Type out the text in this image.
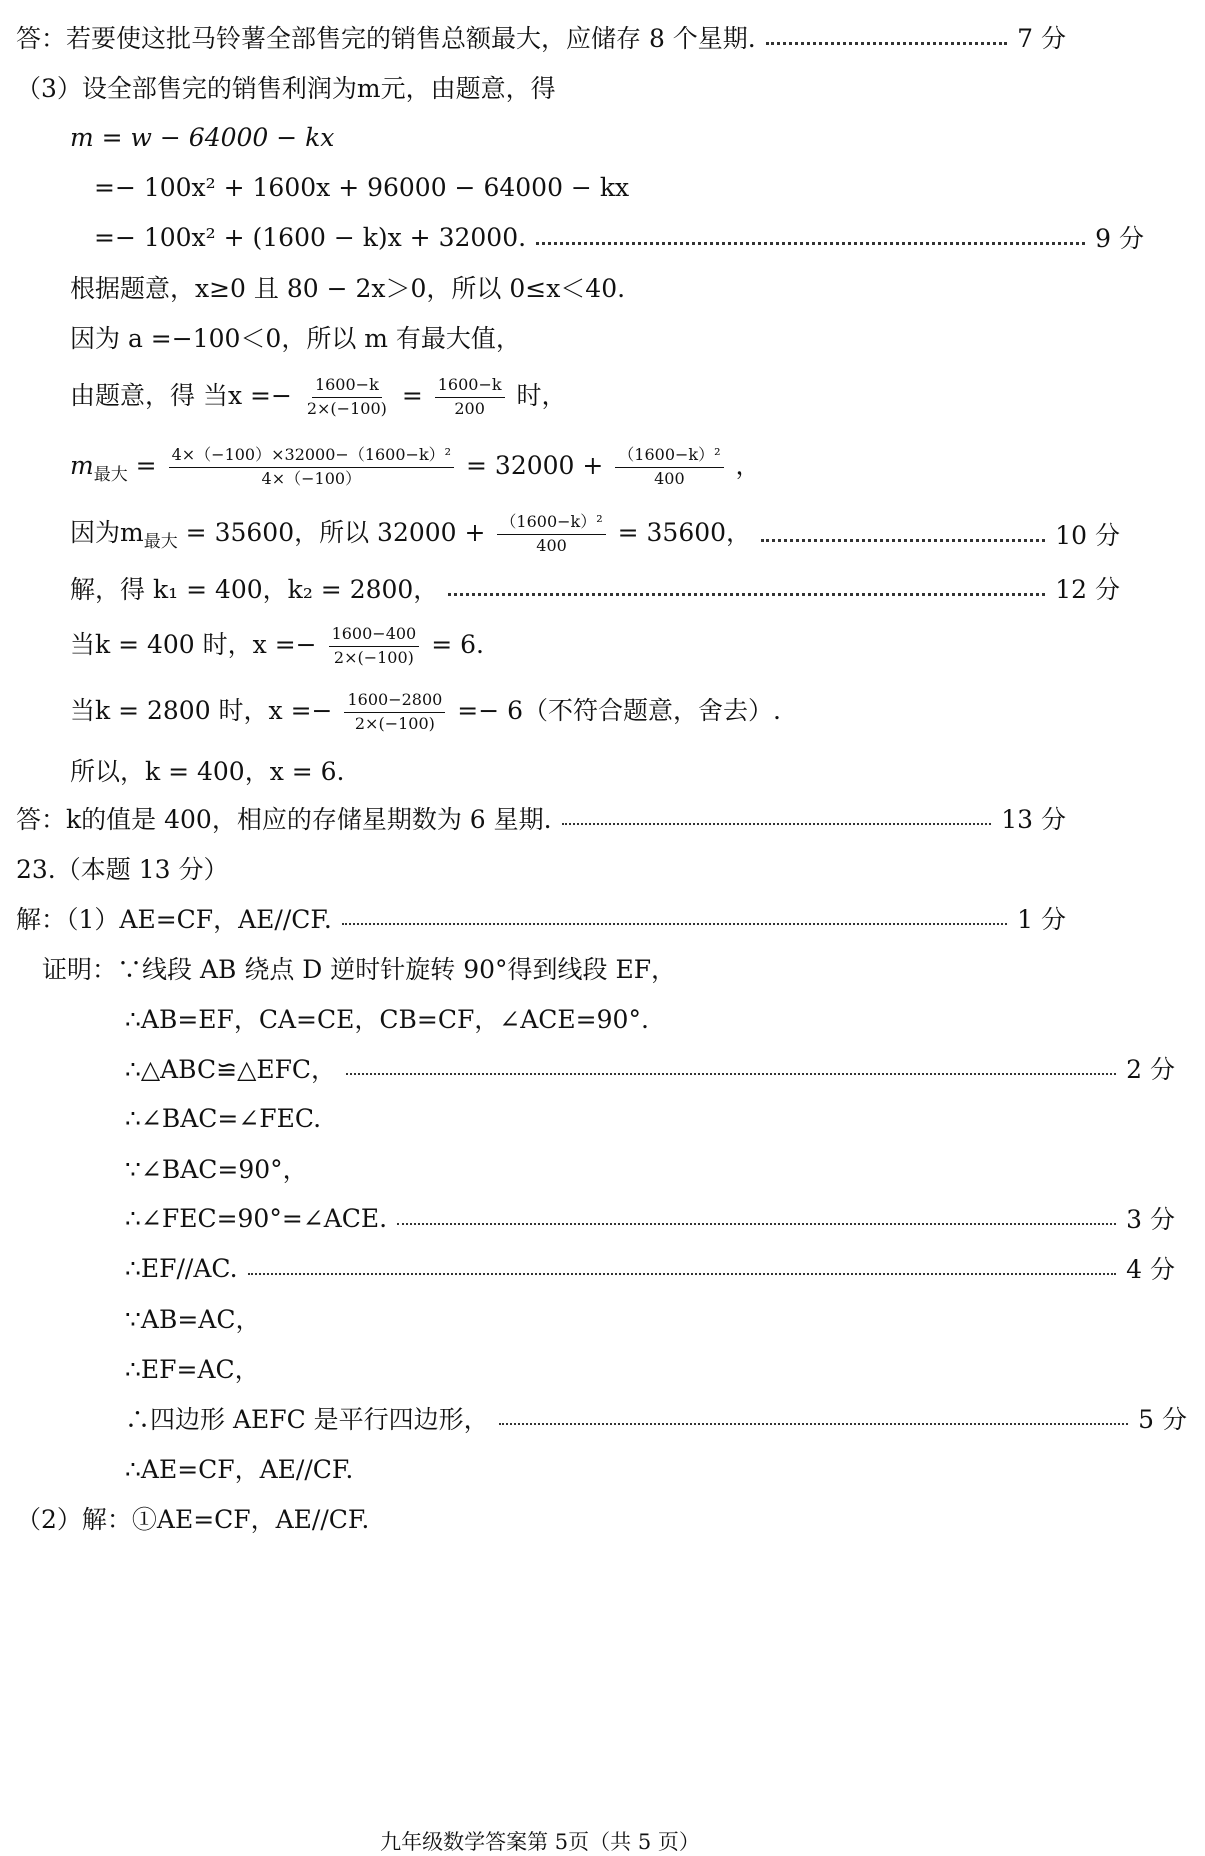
答：若要使这批马铃薯全部售完的销售总额最大，应储存 8 个星期.	7 分
（3）设全部售完的销售利润为m元，由题意，得
m = w − 64000 − kx
=− 100x² + 1600x + 96000 − 64000 − kx
=− 100x² + (1600 − k)x + 32000.	9 分
根据题意，x≥0 且 80 − 2x＞0，所以 0≤x＜40.
因为 a =−100＜0，所以 m 有最大值，
由题意，得 当$x =- \frac{1600-k}{2\times(-100)} = \frac{1600-k}{200}$ 时，
$m_{最大} = \frac{\text{4×（−100）×32000−（1600−k）²}}{4\times(-100)} = 32000 + \frac{\text{（1600−k）²}}{400}$ ，
因为$m_{最大} = 35600$，所以 $32000 + \frac{\text{（1600−k）²}}{400} = 35600$，	10 分
解，得 k₁ = 400，k₂ = 2800，	12 分
当k = 400 时，$x =- \frac{1600-400}{2\times(-100)} = 6$.
当k = 2800 时，$x =- \frac{1600-2800}{2\times(-100)} =- 6$（不符合题意，舍去）.
所以，k = 400，x = 6.
答：k的值是 400，相应的存储星期数为 6 星期.	13 分
23.（本题 13 分）
解：（1）AE=CF，AE//CF.	1 分
证明：∵线段 AB 绕点 D 逆时针旋转 90°得到线段 EF，
∴AB=EF，CA=CE，CB=CF，∠ACE=90°.
∴△ABC≌△EFC，	2 分
∴∠BAC=∠FEC.
∵∠BAC=90°，
∴∠FEC=90°=∠ACE.	3 分
∴EF//AC.	4 分
∵AB=AC，
∴EF=AC，
∴四边形 AEFC 是平行四边形，	5 分
∴AE=CF，AE//CF.
（2）解：①AE=CF，AE//CF.
九年级数学答案第 5页（共 5 页）
